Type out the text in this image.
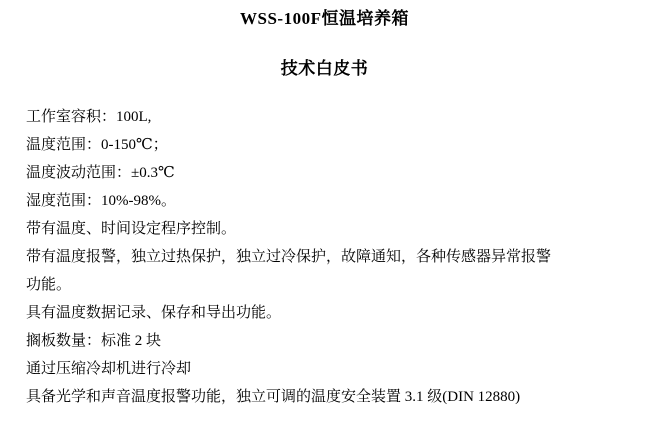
WSS-100F恒温培养箱
技术白皮书
工作室容积：100L,
温度范围：0-150℃；
温度波动范围：±0.3℃
湿度范围：10%-98%。
带有温度、时间设定程序控制。
带有温度报警，独立过热保护，独立过冷保护，故障通知，各种传感器异常报警
功能。
具有温度数据记录、保存和导出功能。
搁板数量：标准 2 块
通过压缩冷却机进行冷却
具备光学和声音温度报警功能，独立可调的温度安全装置 3.1 级(DIN 12880)
